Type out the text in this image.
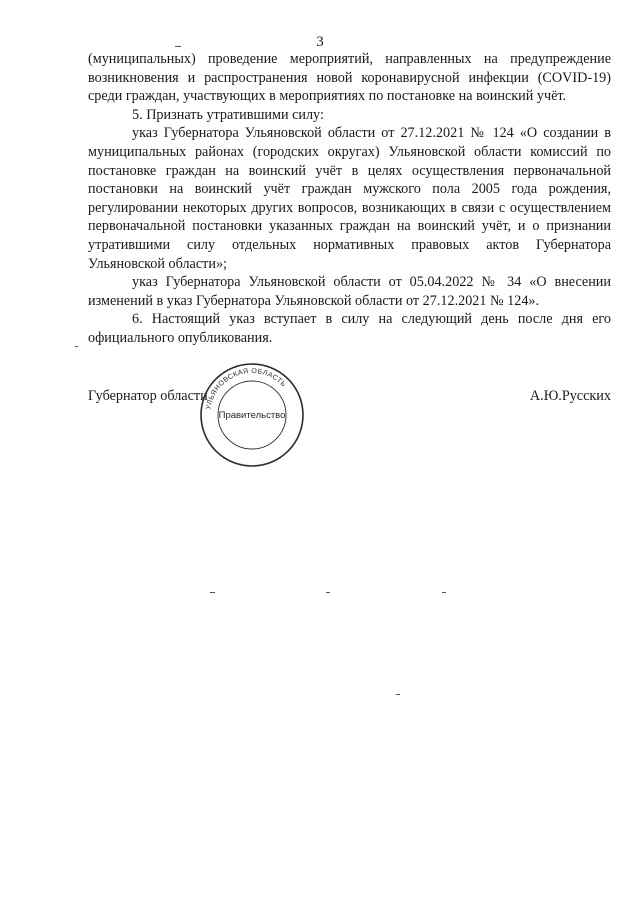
3

(муниципальных) проведение мероприятий, направленных на предупреждение возникновения и распространения новой коронавирусной инфекции (COVID-19) среди граждан, участвующих в мероприятиях по постановке на воинский учёт.

5. Признать утратившими силу:

указ Губернатора Ульяновской области от 27.12.2021 № 124 «О создании в муниципальных районах (городских округах) Ульяновской области комиссий по постановке граждан на воинский учёт в целях осуществления первоначальной постановки на воинский учёт граждан мужского пола 2005 года рождения, регулировании некоторых других вопросов, возникающих в связи с осуществлением первоначальной постановки указанных граждан на воинский учёт, и о признании утратившими силу отдельных нормативных правовых актов Губернатора Ульяновской области»;

указ Губернатора Ульяновской области от 05.04.2022 № 34 «О внесении изменений в указ Губернатора Ульяновской области от 27.12.2021 № 124».

6. Настоящий указ вступает в силу на следующий день после дня его официального опубликования.

Губернатор области	А.Ю.Русских
УЛЬЯНОВСКАЯ ОБЛАСТЬ
Правительство
